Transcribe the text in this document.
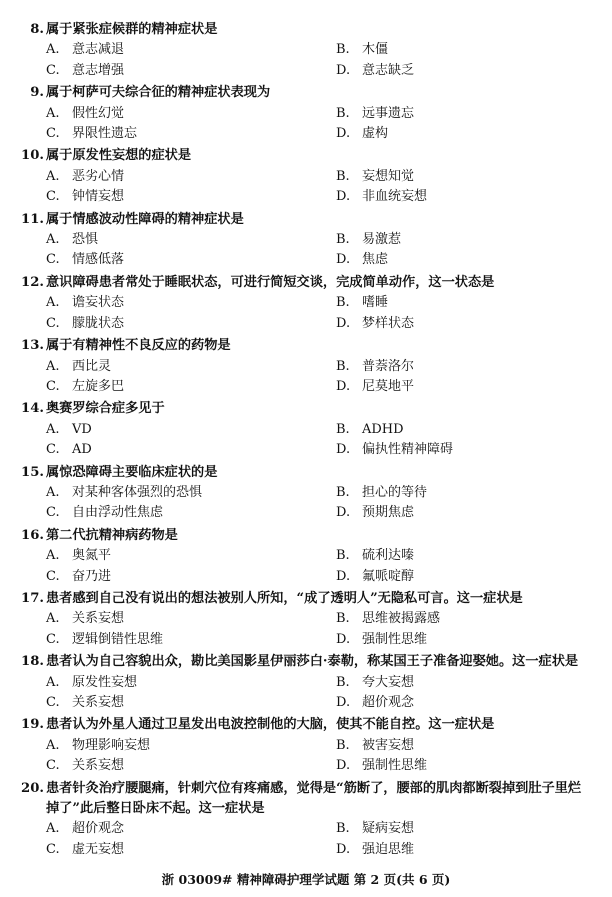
8. 属于紧张症候群的精神症状是
A. 意志减退	B. 木僵
C. 意志增强	D. 意志缺乏
9. 属于柯萨可夫综合征的精神症状表现为
A. 假性幻觉	B. 远事遗忘
C. 界限性遗忘	D. 虚构
10. 属于原发性妄想的症状是
A. 恶劣心情	B. 妄想知觉
C. 钟情妄想	D. 非血统妄想
11. 属于情感波动性障碍的精神症状是
A. 恐惧	B. 易激惹
C. 情感低落	D. 焦虑
12. 意识障碍患者常处于睡眠状态，可进行简短交谈，完成简单动作，这一状态是
A. 谵妄状态	B. 嗜睡
C. 朦胧状态	D. 梦样状态
13. 属于有精神性不良反应的药物是
A. 西比灵	B. 普萘洛尔
C. 左旋多巴	D. 尼莫地平
14. 奥赛罗综合症多见于
A. VD	B. ADHD
C. AD	D. 偏执性精神障碍
15. 属惊恐障碍主要临床症状的是
A. 对某种客体强烈的恐惧	B. 担心的等待
C. 自由浮动性焦虑	D. 预期焦虑
16. 第二代抗精神病药物是
A. 奥氮平	B. 硫利达嗪
C. 奋乃进	D. 氟哌啶醇
17. 患者感到自己没有说出的想法被别人所知，“成了透明人”无隐私可言。这一症状是
A. 关系妄想	B. 思维被揭露感
C. 逻辑倒错性思维	D. 强制性思维
18. 患者认为自己容貌出众，勘比美国影星伊丽莎白·泰勒，称某国王子准备迎娶她。这一症状是
A. 原发性妄想	B. 夸大妄想
C. 关系妄想	D. 超价观念
19. 患者认为外星人通过卫星发出电波控制他的大脑，使其不能自控。这一症状是
A. 物理影响妄想	B. 被害妄想
C. 关系妄想	D. 强制性思维
20. 患者针灸治疗腰腿痛，针刺穴位有疼痛感，觉得是“筋断了，腰部的肌肉都断裂掉到肚子里烂掉了”此后整日卧床不起。这一症状是
A. 超价观念	B. 疑病妄想
C. 虚无妄想	D. 强迫思维
浙 03009# 精神障碍护理学试题 第 2 页(共 6 页)
